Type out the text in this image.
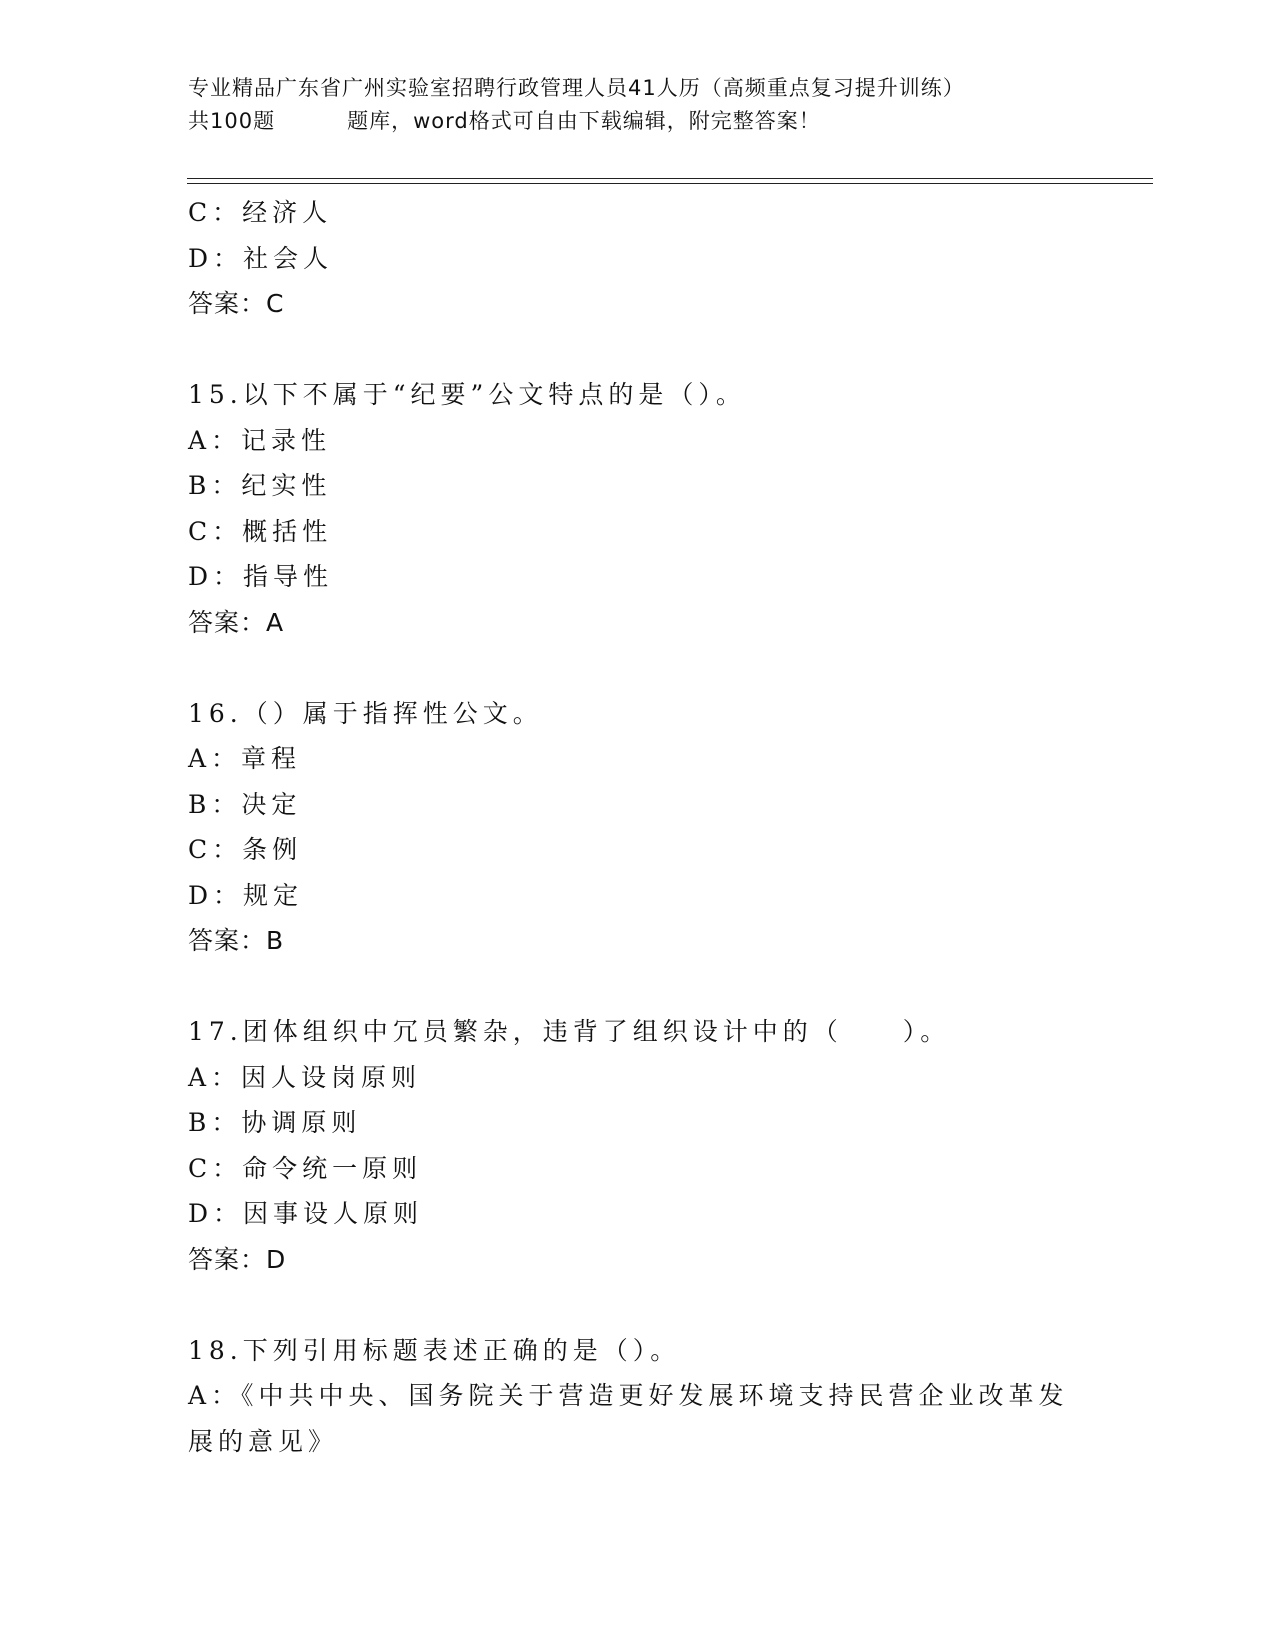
专业精品广东省广州实验室招聘行政管理人员41人历（高频重点复习提升训练）
共100题	题库，word格式可自由下载编辑，附完整答案！
C：经济人
D：社会人
答案：C
15.以下不属于“纪要”公文特点的是（）。
A：记录性
B：纪实性
C：概括性
D：指导性
答案：A
16.（）属于指挥性公文。
A：章程
B：决定
C：条例
D：规定
答案：B
17.团体组织中冗员繁杂，违背了组织设计中的（　　）。
A：因人设岗原则
B：协调原则
C：命令统一原则
D：因事设人原则
答案：D
18.下列引用标题表述正确的是（）。
A：《中共中央、国务院关于营造更好发展环境支持民营企业改革发展的意见》
